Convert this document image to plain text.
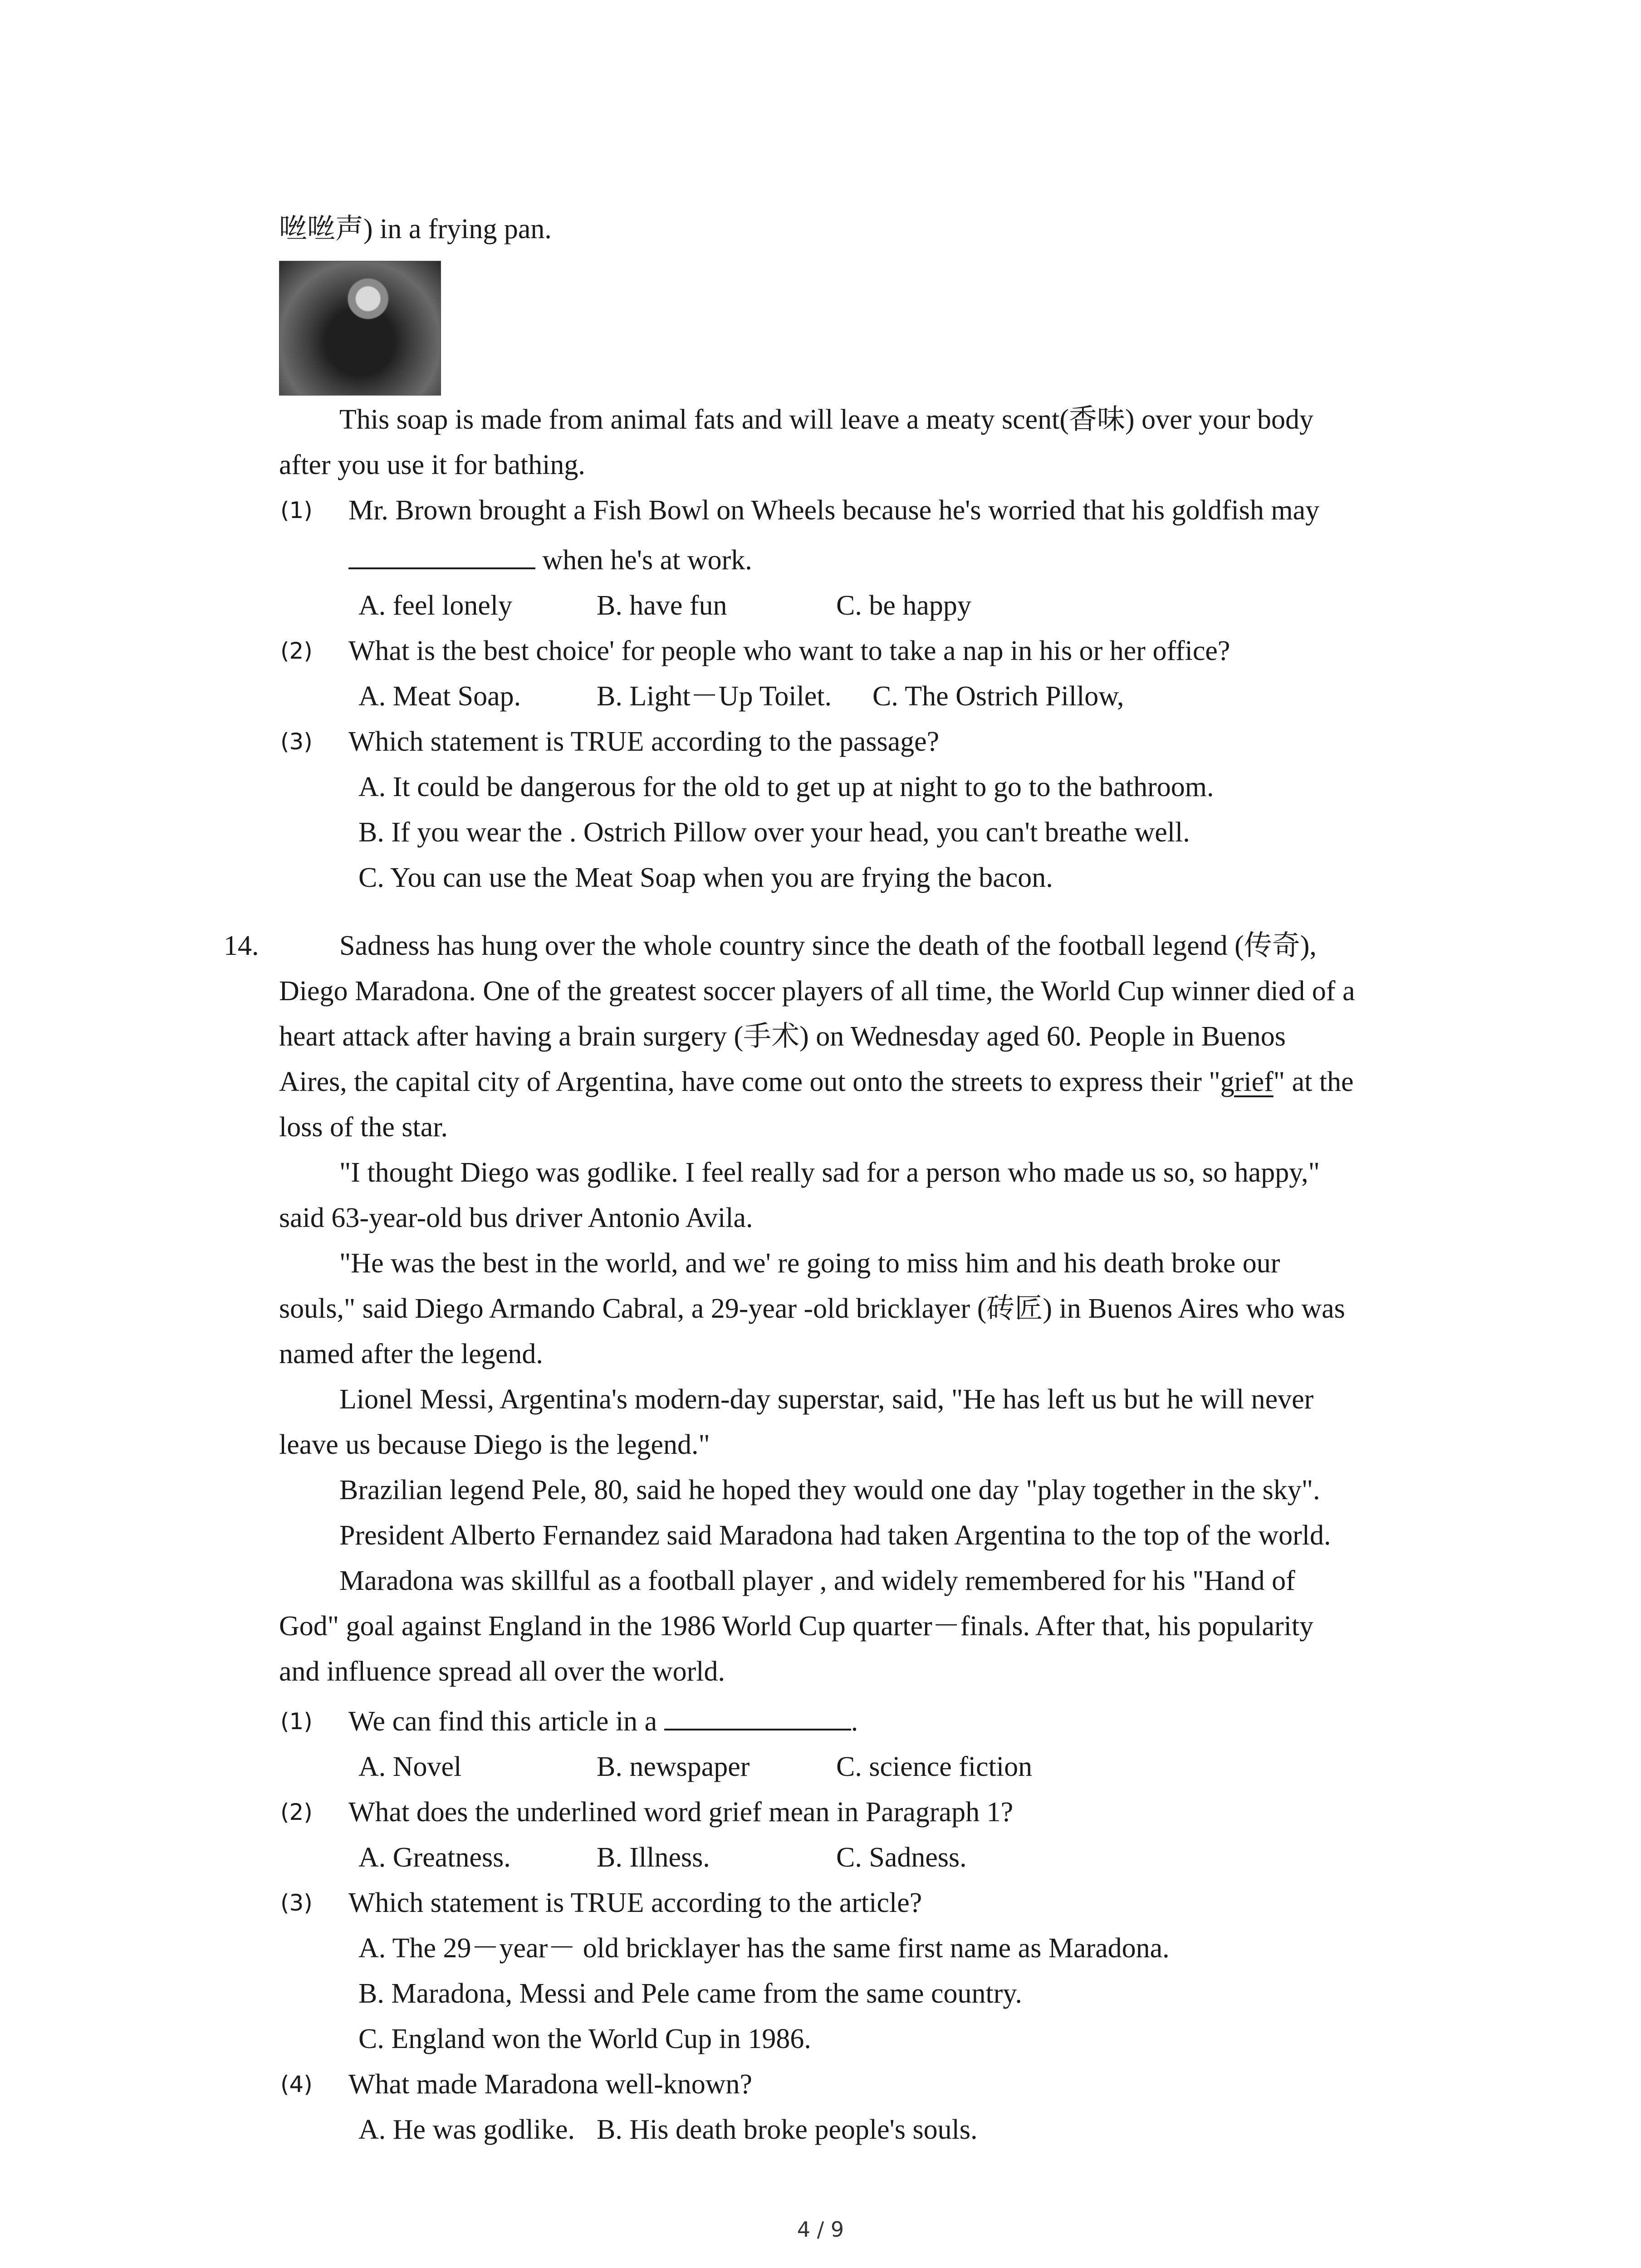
咝咝声) in a frying pan.
This soap is made from animal fats and will leave a meaty scent(香味) over your body
after you use it for bathing.
(1) Mr. Brown brought a Fish Bowl on Wheels because he's worried that his goldfish may
when he's at work.
A. feel lonely	B. have fun	C. be happy
(2) What is the best choice' for people who want to take a nap in his or her office?
A. Meat Soap.	B. Light－Up Toilet. C. The Ostrich Pillow,
(3) Which statement is TRUE according to the passage?
A. It could be dangerous for the old to get up at night to go to the bathroom.
B. If you wear the . Ostrich Pillow over your head, you can't breathe well.
C. You can use the Meat Soap when you are frying the bacon.
14.	Sadness has hung over the whole country since the death of the football legend (传奇),
Diego Maradona. One of the greatest soccer players of all time, the World Cup winner died of a
heart attack after having a brain surgery (手术) on Wednesday aged 60. People in Buenos
Aires, the capital city of Argentina, have come out onto the streets to express their "grief" at the
loss of the star.
"I thought Diego was godlike. I feel really sad for a person who made us so, so happy,"
said 63-year-old bus driver Antonio Avila.
"He was the best in the world, and we' re going to miss him and his death broke our
souls," said Diego Armando Cabral, a 29-year -old bricklayer (砖匠) in Buenos Aires who was
named after the legend.
Lionel Messi, Argentina's modern-day superstar, said, "He has left us but he will never
leave us because Diego is the legend."
Brazilian legend Pele, 80, said he hoped they would one day "play together in the sky".
President Alberto Fernandez said Maradona had taken Argentina to the top of the world.
Maradona was skillful as a football player , and widely remembered for his "Hand of
God" goal against England in the 1986 World Cup quarter－finals. After that, his popularity
and influence spread all over the world.
(1) We can find this article in a	.
A. Novel	B. newspaper	C. science fiction
(2) What does the underlined word grief mean in Paragraph 1?
A. Greatness.	B. Illness.	C. Sadness.
(3) Which statement is TRUE according to the article?
A. The 29－year－ old bricklayer has the same first name as Maradona.
B. Maradona, Messi and Pele came from the same country.
C. England won the World Cup in 1986.
(4) What made Maradona well-known?
A. He was godlike. B. His death broke people's souls.
4 / 9
